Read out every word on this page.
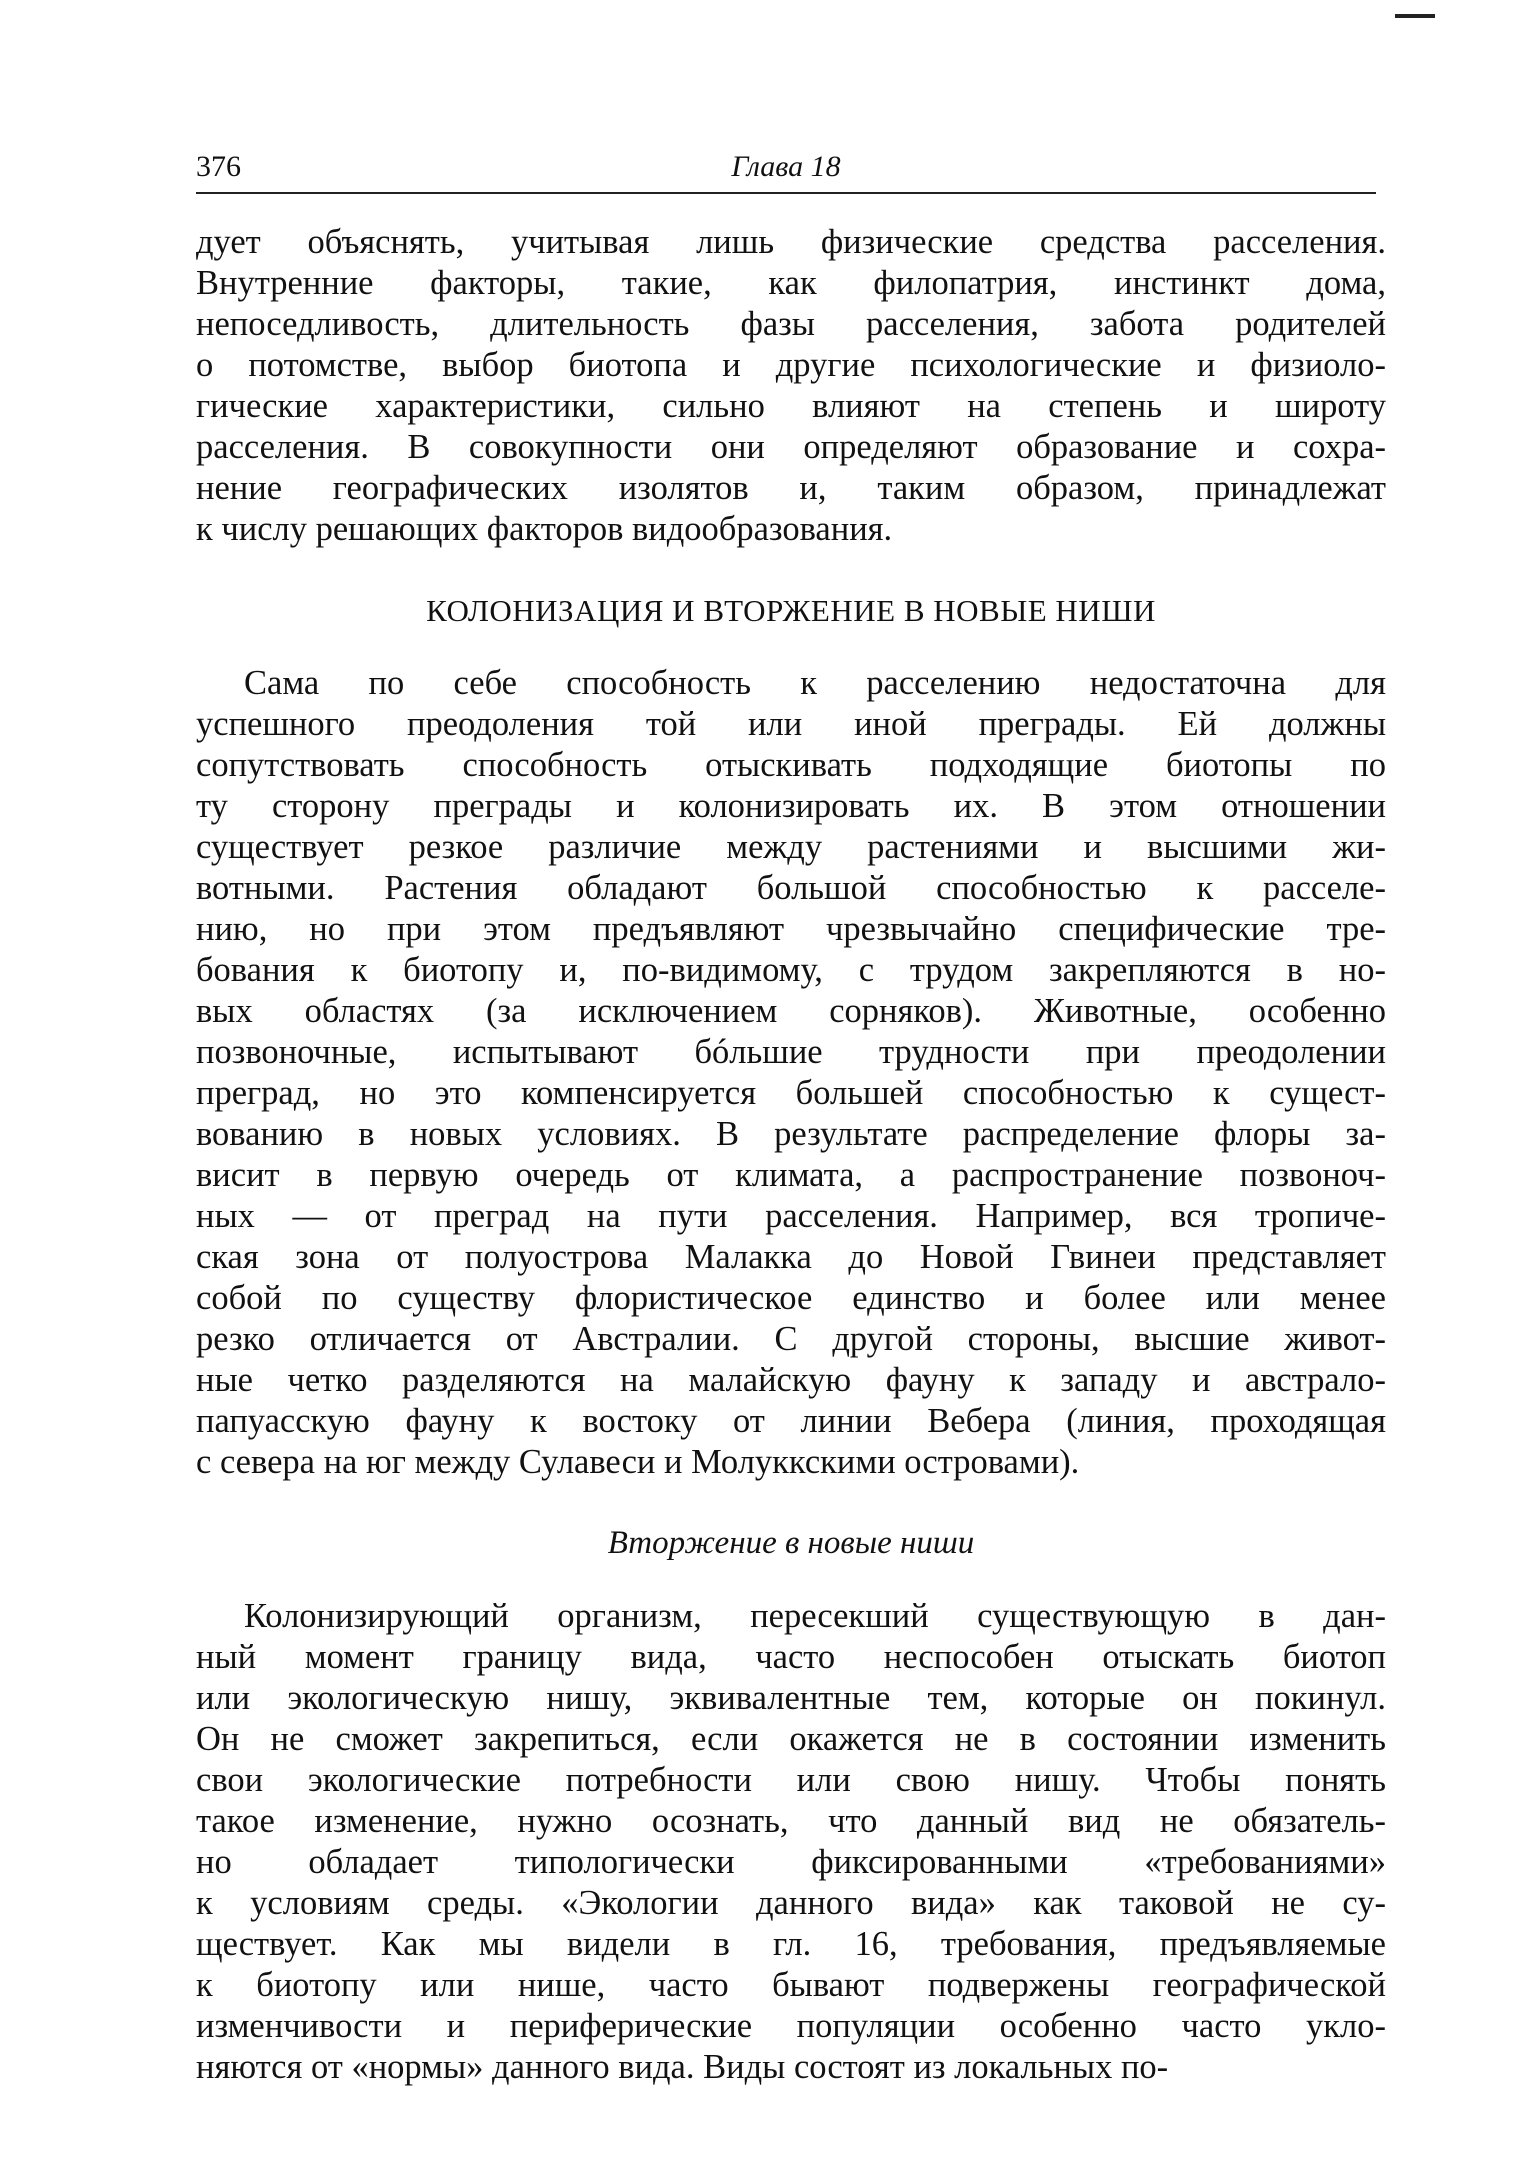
376	Глава 18
дует объяснять, учитывая лишь физические средства расселения.
Внутренние факторы, такие, как филопатрия, инстинкт дома,
непоседливость, длительность фазы расселения, забота родителей
о потомстве, выбор биотопа и другие психологические и физиоло-
гические характеристики, сильно влияют на степень и широту
расселения. В совокупности они определяют образование и сохра-
нение географических изолятов и, таким образом, принадлежат
к числу решающих факторов видообразования.
КОЛОНИЗАЦИЯ И ВТОРЖЕНИЕ В НОВЫЕ НИШИ
Сама по себе способность к расселению недостаточна для
успешного преодоления той или иной преграды. Ей должны
сопутствовать способность отыскивать подходящие биотопы по
ту сторону преграды и колонизировать их. В этом отношении
существует резкое различие между растениями и высшими жи-
вотными. Растения обладают большой способностью к расселе-
нию, но при этом предъявляют чрезвычайно специфические тре-
бования к биотопу и, по-видимому, с трудом закрепляются в но-
вых областях (за исключением сорняков). Животные, особенно
позвоночные, испытывают бóльшие трудности при преодолении
преград, но это компенсируется большей способностью к сущест-
вованию в новых условиях. В результате распределение флоры за-
висит в первую очередь от климата, а распространение позвоноч-
ных — от преград на пути расселения. Например, вся тропиче-
ская зона от полуострова Малакка до Новой Гвинеи представляет
собой по существу флористическое единство и более или менее
резко отличается от Австралии. С другой стороны, высшие живот-
ные четко разделяются на малайскую фауну к западу и австрало-
папуасскую фауну к востоку от линии Вебера (линия, проходящая
с севера на юг между Сулавеси и Молуккскими островами).
Вторжение в новые ниши
Колонизирующий организм, пересекший существующую в дан-
ный момент границу вида, часто неспособен отыскать биотоп
или экологическую нишу, эквивалентные тем, которые он покинул.
Он не сможет закрепиться, если окажется не в состоянии изменить
свои экологические потребности или свою нишу. Чтобы понять
такое изменение, нужно осознать, что данный вид не обязатель-
но обладает типологически фиксированными «требованиями»
к условиям среды. «Экологии данного вида» как таковой не су-
ществует. Как мы видели в гл. 16, требования, предъявляемые
к биотопу или нише, часто бывают подвержены географической
изменчивости и периферические популяции особенно часто укло-
няются от «нормы» данного вида. Виды состоят из локальных по-
